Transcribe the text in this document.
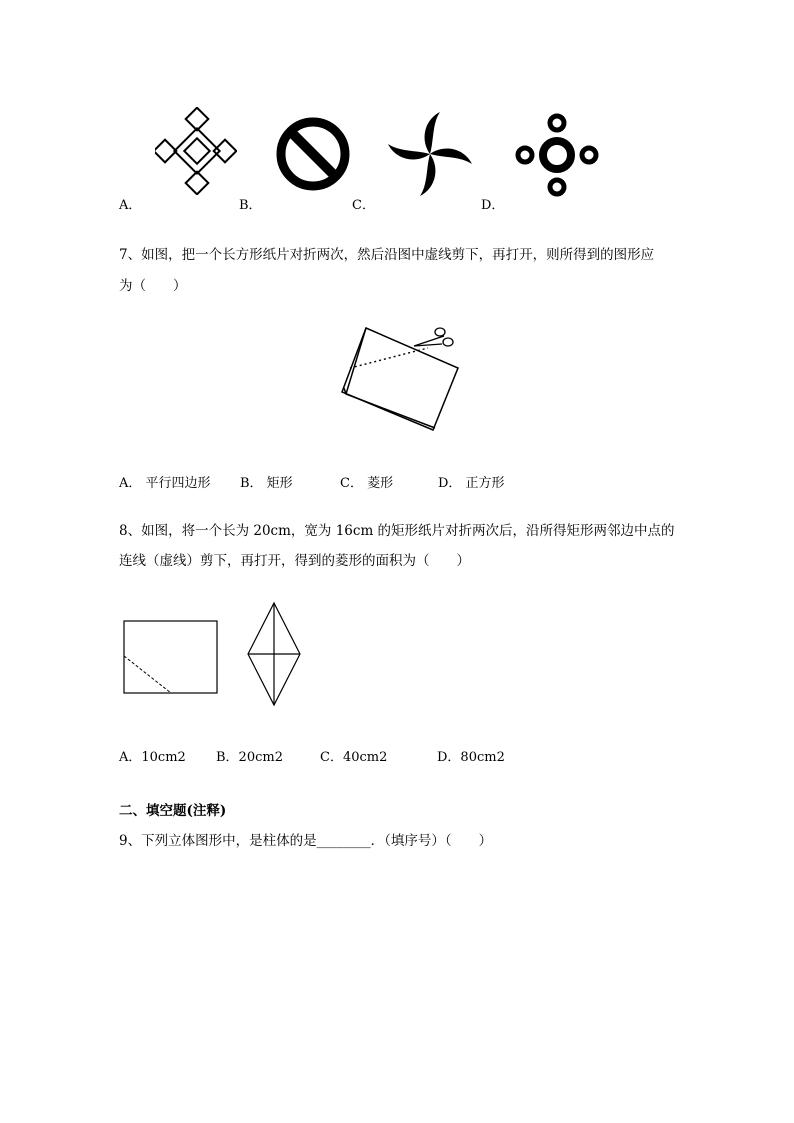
A．	B．	C．	D．
7、如图，把一个长方形纸片对折两次，然后沿图中虚线剪下，再打开，则所得到的图形应
为（　　）
A． 平行四边形 B． 矩形	C． 菱形	D． 正方形
8、如图，将一个长为 20cm，宽为 16cm 的矩形纸片对折两次后，沿所得矩形两邻边中点的
连线（虚线）剪下，再打开，得到的菱形的面积为（　　）
A．10cm2 B．20cm2	C．40cm2	D．80cm2
二、填空题(注释)
9、下列立体图形中，是柱体的是________．（填序号）（　　）
